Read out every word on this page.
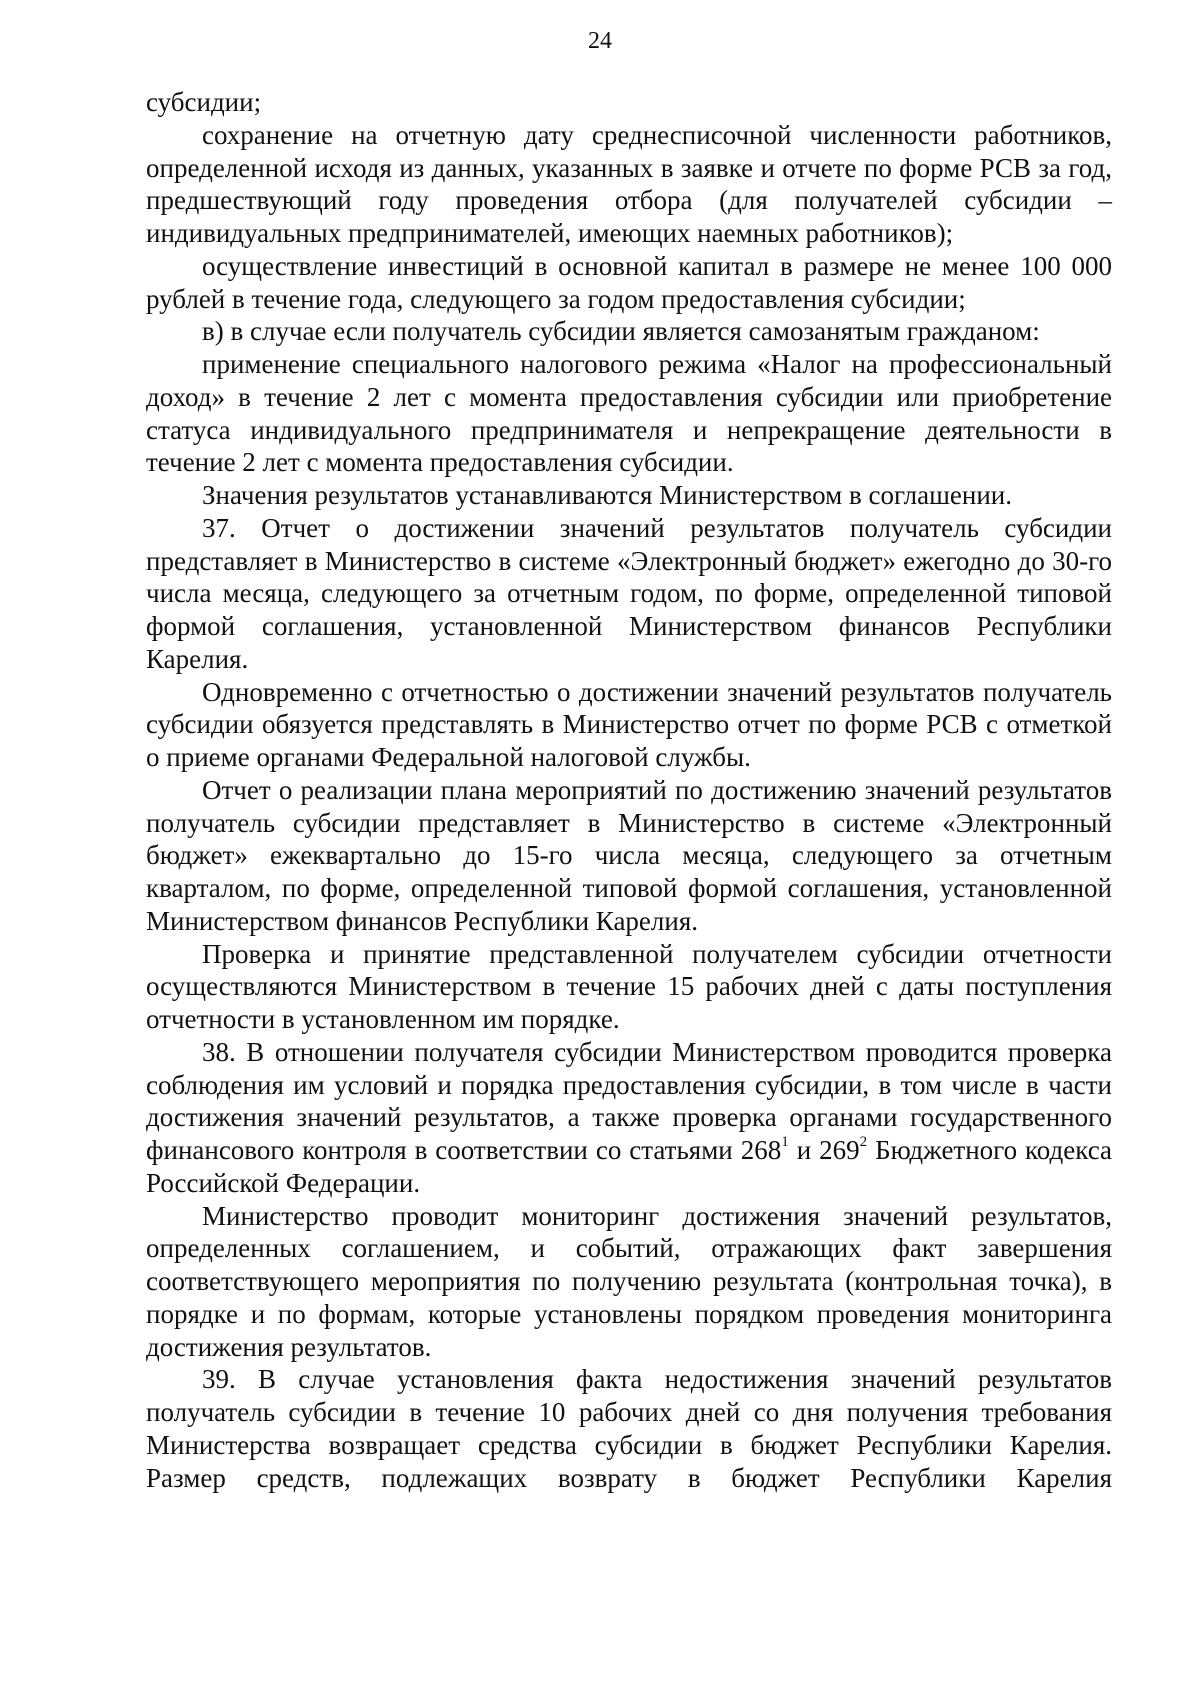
24

субсидии;

сохранение на отчетную дату среднесписочной численности работников, определенной исходя из данных, указанных в заявке и отчете по форме РСВ за год, предшествующий году проведения отбора (для получателей субсидии – индивидуальных предпринимателей, имеющих наемных работников);

осуществление инвестиций в основной капитал в размере не менее 100 000 рублей в течение года, следующего за годом предоставления субсидии;

в) в случае если получатель субсидии является самозанятым гражданом:

применение специального налогового режима «Налог на профессиональный доход» в течение 2 лет с момента предоставления субсидии или приобретение статуса индивидуального предпринимателя и непрекращение деятельности в течение 2 лет с момента предоставления субсидии.

Значения результатов устанавливаются Министерством в соглашении.

37. Отчет о достижении значений результатов получатель субсидии представляет в Министерство в системе «Электронный бюджет» ежегодно до 30-го числа месяца, следующего за отчетным годом, по форме, определенной типовой формой соглашения, установленной Министерством финансов Республики Карелия.

Одновременно с отчетностью о достижении значений результатов получатель субсидии обязуется представлять в Министерство отчет по форме РСВ с отметкой о приеме органами Федеральной налоговой службы.

Отчет о реализации плана мероприятий по достижению значений результатов получатель субсидии представляет в Министерство в системе «Электронный бюджет» ежеквартально до 15-го числа месяца, следующего за отчетным кварталом, по форме, определенной типовой формой соглашения, установленной Министерством финансов Республики Карелия.

Проверка и принятие представленной получателем субсидии отчетности осуществляются Министерством в течение 15 рабочих дней с даты поступления отчетности в установленном им порядке.

38. В отношении получателя субсидии Министерством проводится проверка соблюдения им условий и порядка предоставления субсидии, в том числе в части достижения значений результатов, а также проверка органами государственного финансового контроля в соответствии со статьями $268^1$ и $269^2$ Бюджетного кодекса Российской Федерации.

Министерство проводит мониторинг достижения значений результатов, определенных соглашением, и событий, отражающих факт завершения соответствующего мероприятия по получению результата (контрольная точка), в порядке и по формам, которые установлены порядком проведения мониторинга достижения результатов.

39. В случае установления факта недостижения значений результатов получатель субсидии в течение 10 рабочих дней со дня получения требования Министерства возвращает средства субсидии в бюджет Республики Карелия. Размер средств, подлежащих возврату в бюджет Республики Карелия
